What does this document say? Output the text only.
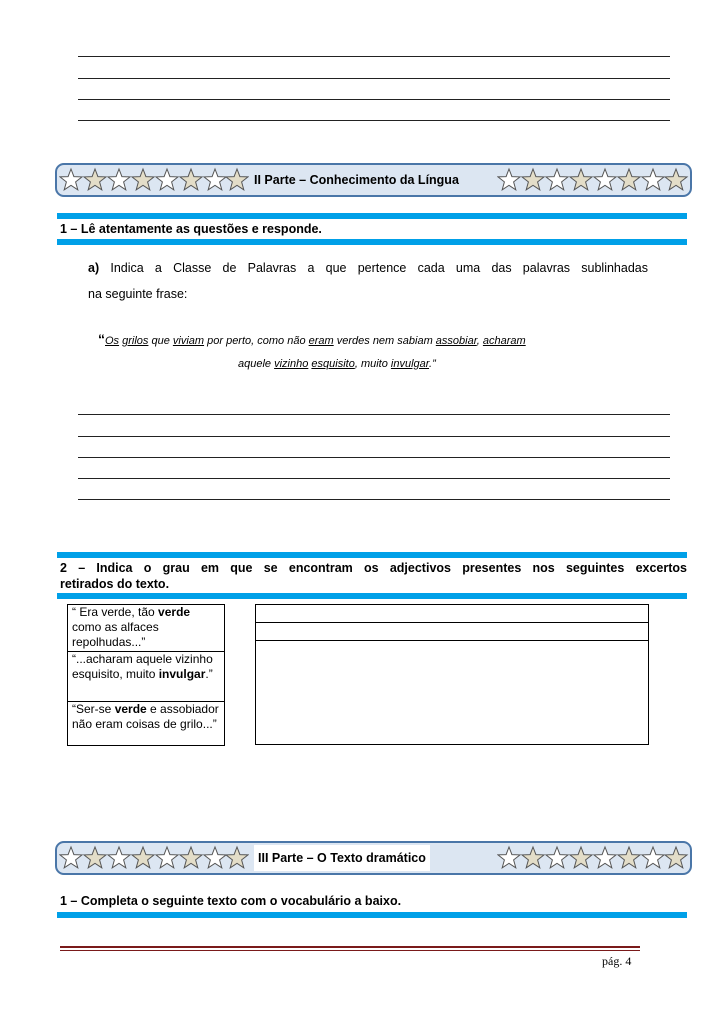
II Parte – Conhecimento da Língua
1 – Lê atentamente as questões e responde.
a) Indica a Classe de Palavras a que pertence cada uma das palavras sublinhadas
na seguinte frase:
“Os grilos que viviam por perto, como não eram verdes nem sabiam assobiar, acharam
aquele vizinho esquisito, muito invulgar.”
2 – Indica o grau em que se encontram os adjectivos presentes nos seguintes excertos
retirados do texto.
“ Era verde, tão verde como as alfaces repolhudas...”
“...acharam aquele vizinho esquisito, muito invulgar.”
“Ser-se verde e assobiador não eram coisas de grilo...”
III Parte – O Texto dramático
1 – Completa o seguinte texto com o vocabulário a baixo.
pág. 4
